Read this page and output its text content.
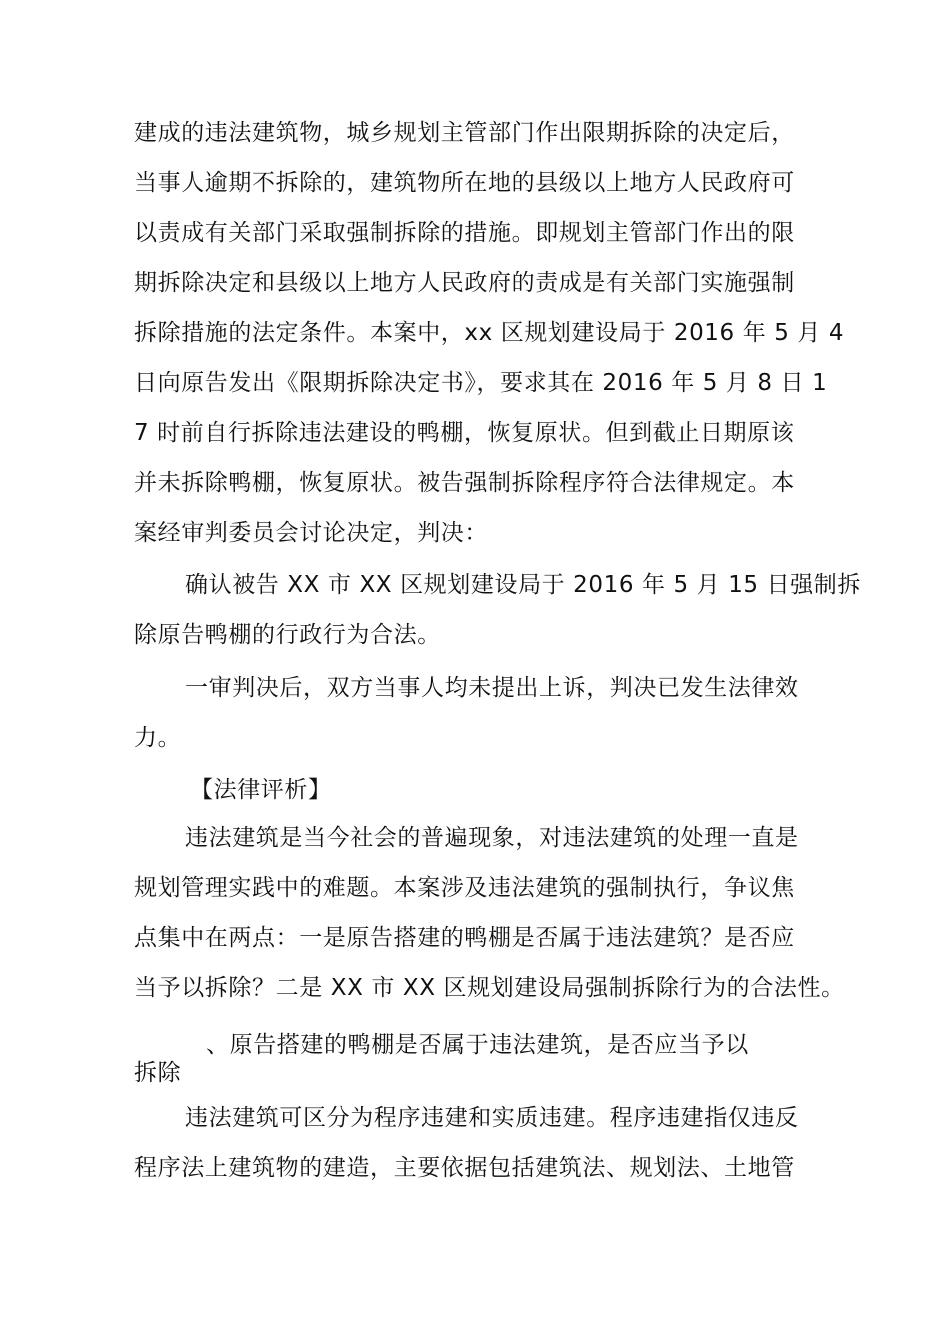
建成的违法建筑物，城乡规划主管部门作出限期拆除的决定后，
当事人逾期不拆除的，建筑物所在地的县级以上地方人民政府可
以责成有关部门采取强制拆除的措施。即规划主管部门作出的限
期拆除决定和县级以上地方人民政府的责成是有关部门实施强制
拆除措施的法定条件。本案中，xx 区规划建设局于 2016 年 5 月 4
日向原告发出《限期拆除决定书》，要求其在 2016 年 5 月 8 日 1
7 时前自行拆除违法建设的鸭棚，恢复原状。但到截止日期原该
并未拆除鸭棚，恢复原状。被告强制拆除程序符合法律规定。本
案经审判委员会讨论决定，判决：
确认被告 XX 市 XX 区规划建设局于 2016 年 5 月 15 日强制拆
除原告鸭棚的行政行为合法。
一审判决后，双方当事人均未提出上诉，判决已发生法律效
力。
【法律评析】
违法建筑是当今社会的普遍现象，对违法建筑的处理一直是
规划管理实践中的难题。本案涉及违法建筑的强制执行，争议焦
点集中在两点：一是原告搭建的鸭棚是否属于违法建筑？是否应
当予以拆除？二是 XX 市 XX 区规划建设局强制拆除行为的合法性。
、原告搭建的鸭棚是否属于违法建筑，是否应当予以
拆除
违法建筑可区分为程序违建和实质违建。程序违建指仅违反
程序法上建筑物的建造，主要依据包括建筑法、规划法、土地管
